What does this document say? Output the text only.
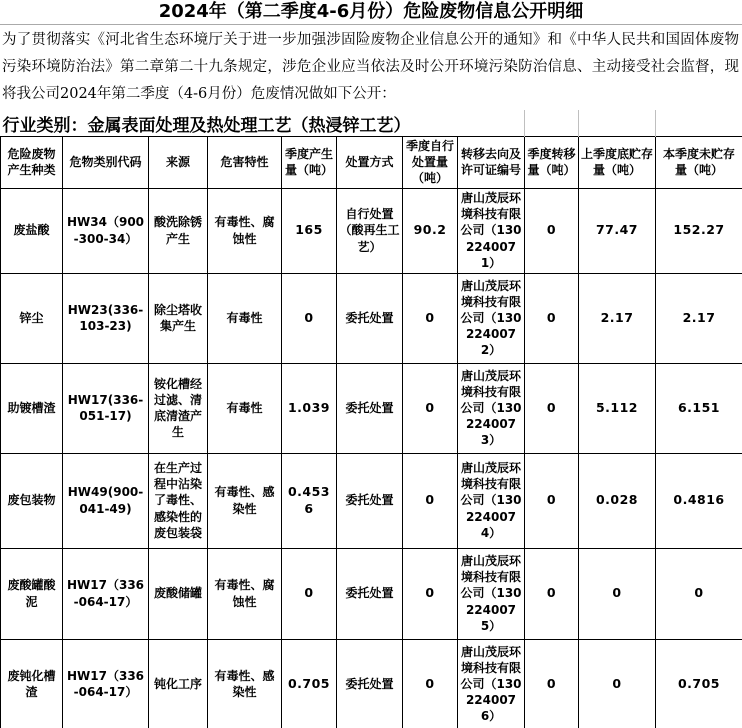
2024年（第二季度4-6月份）危险废物信息公开明细
为了贯彻落实《河北省生态环境厅关于进一步加强涉固险废物企业信息公开的通知》和《中华人民共和国固体废物污染环境防治法》第二章第二十九条规定，涉危企业应当依法及时公开环境污染防治信息、主动接受社会监督，现将我公司2024年第二季度（4-6月份）危废情况做如下公开：
行业类别：金属表面处理及热处理工艺（热浸锌工艺）										
危险废物产生种类	危物类别代码	来源	危害特性	季度产生量（吨）	处置方式	季度自行处置量（吨）	转移去向及许可证编号	季度转移量（吨）	上季度底贮存量（吨）	本季度未贮存量（吨）
废盐酸	HW34（900-300-34）	酸洗除锈产生	有毒性、腐蚀性	165	自行处置（酸再生工艺）	90.2	唐山茂辰环境科技有限公司（1302240071）	0	77.47	152.27
锌尘	HW23(336-103-23)	除尘塔收集产生	有毒性	0	委托处置	0	唐山茂辰环境科技有限公司（1302240072）	0	2.17	2.17
助镀槽渣	HW17(336-051-17)	铵化槽经过滤、清底清渣产生	有毒性	1.039	委托处置	0	唐山茂辰环境科技有限公司（1302240073）	0	5.112	6.151
废包装物	HW49(900-041-49)	在生产过程中沾染了毒性、感染性的废包装袋	有毒性、感染性	0.4536	委托处置	0	唐山茂辰环境科技有限公司（1302240074）	0	0.028	0.4816
废酸罐酸泥	HW17（336-064-17）	废酸储罐	有毒性、腐蚀性	0	委托处置	0	唐山茂辰环境科技有限公司（1302240075）	0	0	0
废钝化槽渣	HW17（336-064-17）	钝化工序	有毒性、感染性	0.705	委托处置	0	唐山茂辰环境科技有限公司（1302240076）	0	0	0.705
